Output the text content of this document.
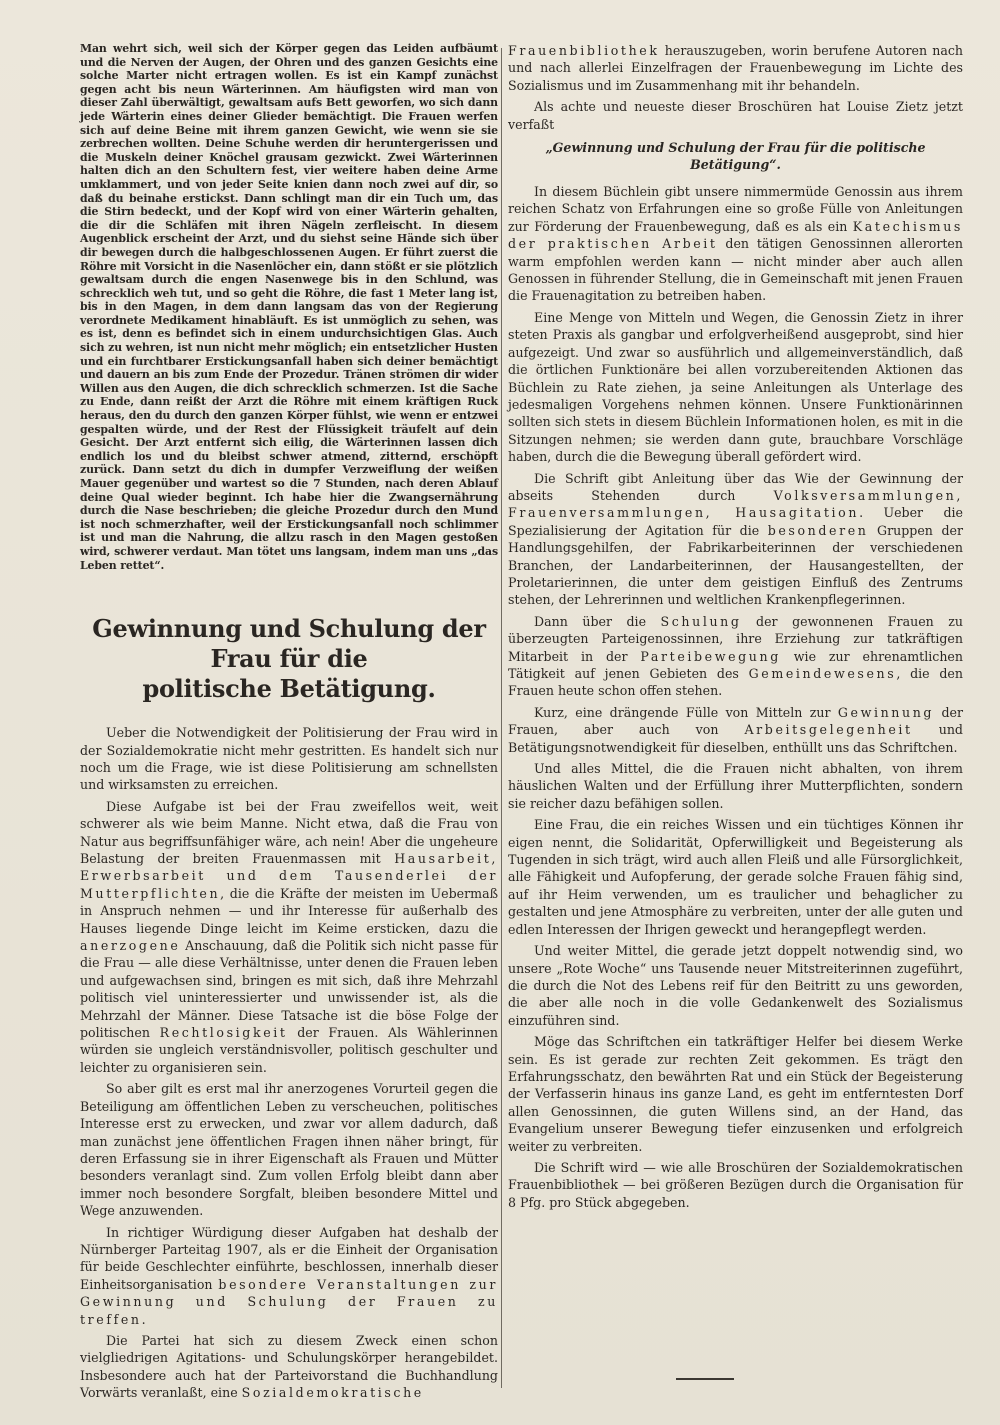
Man wehrt sich, weil sich der Körper gegen das Leiden aufbäumt und die Nerven der Augen, der Ohren und des ganzen Gesichts eine solche Marter nicht ertragen wollen. Es ist ein Kampf zunächst gegen acht bis neun Wärterinnen. Am häufigsten wird man von dieser Zahl überwältigt, gewaltsam aufs Bett geworfen, wo sich dann jede Wärterin eines deiner Glieder bemächtigt. Die Frauen werfen sich auf deine Beine mit ihrem ganzen Gewicht, wie wenn sie sie zerbrechen wollten. Deine Schuhe werden dir heruntergerissen und die Muskeln deiner Knöchel grausam gezwickt. Zwei Wärterinnen halten dich an den Schultern fest, vier weitere haben deine Arme umklammert, und von jeder Seite knien dann noch zwei auf dir, so daß du beinahe erstickst. Dann schlingt man dir ein Tuch um, das die Stirn bedeckt, und der Kopf wird von einer Wärterin gehalten, die dir die Schläfen mit ihren Nägeln zerfleischt. In diesem Augenblick erscheint der Arzt, und du siehst seine Hände sich über dir bewegen durch die halbgeschlossenen Augen. Er führt zuerst die Röhre mit Vorsicht in die Nasenlöcher ein, dann stößt er sie plötzlich gewaltsam durch die engen Nasenwege bis in den Schlund, was schrecklich weh tut, und so geht die Röhre, die fast 1 Meter lang ist, bis in den Magen, in dem dann langsam das von der Regierung verordnete Medikament hinabläuft. Es ist unmöglich zu sehen, was es ist, denn es befindet sich in einem undurchsichtigen Glas. Auch sich zu wehren, ist nun nicht mehr möglich; ein entsetzlicher Husten und ein furchtbarer Erstickungsanfall haben sich deiner bemächtigt und dauern an bis zum Ende der Prozedur. Tränen strömen dir wider Willen aus den Augen, die dich schrecklich schmerzen. Ist die Sache zu Ende, dann reißt der Arzt die Röhre mit einem kräftigen Ruck heraus, den du durch den ganzen Körper fühlst, wie wenn er entzwei gespalten würde, und der Rest der Flüssigkeit träufelt auf dein Gesicht. Der Arzt entfernt sich eilig, die Wärterinnen lassen dich endlich los und du bleibst schwer atmend, zitternd, erschöpft zurück. Dann setzt du dich in dumpfer Verzweiflung der weißen Mauer gegenüber und wartest so die 7 Stunden, nach deren Ablauf deine Qual wieder beginnt. Ich habe hier die Zwangsernährung durch die Nase beschrieben; die gleiche Prozedur durch den Mund ist noch schmerzhafter, weil der Erstickungsanfall noch schlimmer ist und man die Nahrung, die allzu rasch in den Magen gestoßen wird, schwerer verdaut. Man tötet uns langsam, indem man uns „das Leben rettet“.

Gewinnung und Schulung der Frau für die
politische Betätigung.

Ueber die Notwendigkeit der Politisierung der Frau wird in der Sozialdemokratie nicht mehr gestritten. Es handelt sich nur noch um die Frage, wie ist diese Politisierung am schnellsten und wirksamsten zu erreichen.

Diese Aufgabe ist bei der Frau zweifellos weit, weit schwerer als wie beim Manne. Nicht etwa, daß die Frau von Natur aus begriffsunfähiger wäre, ach nein! Aber die ungeheure Belastung der breiten Frauenmassen mit Hausarbeit, Erwerbsarbeit und dem Tausenderlei der Mutterpflichten, die die Kräfte der meisten im Uebermaß in Anspruch nehmen — und ihr Interesse für außerhalb des Hauses liegende Dinge leicht im Keime ersticken, dazu die anerzogene Anschauung, daß die Politik sich nicht passe für die Frau — alle diese Verhältnisse, unter denen die Frauen leben und aufgewachsen sind, bringen es mit sich, daß ihre Mehrzahl politisch viel uninteressierter und unwissender ist, als die Mehrzahl der Männer. Diese Tatsache ist die böse Folge der politischen Rechtlosigkeit der Frauen. Als Wählerinnen würden sie ungleich verständnisvoller, politisch geschulter und leichter zu organisieren sein.

So aber gilt es erst mal ihr anerzogenes Vorurteil gegen die Beteiligung am öffentlichen Leben zu verscheuchen, politisches Interesse erst zu erwecken, und zwar vor allem dadurch, daß man zunächst jene öffentlichen Fragen ihnen näher bringt, für deren Erfassung sie in ihrer Eigenschaft als Frauen und Mütter besonders veranlagt sind. Zum vollen Erfolg bleibt dann aber immer noch besondere Sorgfalt, bleiben besondere Mittel und Wege anzuwenden.

In richtiger Würdigung dieser Aufgaben hat deshalb der Nürnberger Parteitag 1907, als er die Einheit der Organisation für beide Geschlechter einführte, beschlossen, innerhalb dieser Einheitsorganisation besondere Veranstaltungen zur Gewinnung und Schulung der Frauen zu treffen.

Die Partei hat sich zu diesem Zweck einen schon vielgliedrigen Agitations- und Schulungskörper herangebildet. Insbesondere auch hat der Parteivorstand die Buchhandlung Vorwärts veranlaßt, eine Sozialdemokratische

Frauenbibliothek herauszugeben, worin berufene Autoren nach und nach allerlei Einzelfragen der Frauenbewegung im Lichte des Sozialismus und im Zusammenhang mit ihr behandeln.

Als achte und neueste dieser Broschüren hat Louise Zietz jetzt verfaßt

„Gewinnung und Schulung der Frau für die politische Betätigung“.

In diesem Büchlein gibt unsere nimmermüde Genossin aus ihrem reichen Schatz von Erfahrungen eine so große Fülle von Anleitungen zur Förderung der Frauenbewegung, daß es als ein Katechismus der praktischen Arbeit den tätigen Genossinnen allerorten warm empfohlen werden kann — nicht minder aber auch allen Genossen in führender Stellung, die in Gemeinschaft mit jenen Frauen die Frauenagitation zu betreiben haben.

Eine Menge von Mitteln und Wegen, die Genossin Zietz in ihrer steten Praxis als gangbar und erfolgverheißend ausgeprobt, sind hier aufgezeigt. Und zwar so ausführlich und allgemeinverständlich, daß die örtlichen Funktionäre bei allen vorzubereitenden Aktionen das Büchlein zu Rate ziehen, ja seine Anleitungen als Unterlage des jedesmaligen Vorgehens nehmen können. Unsere Funktionärinnen sollten sich stets in diesem Büchlein Informationen holen, es mit in die Sitzungen nehmen; sie werden dann gute, brauchbare Vorschläge haben, durch die die Bewegung überall gefördert wird.

Die Schrift gibt Anleitung über das Wie der Gewinnung der abseits Stehenden durch Volksversammlungen, Frauenversammlungen, Hausagitation. Ueber die Spezialisierung der Agitation für die besonderen Gruppen der Handlungsgehilfen, der Fabrikarbeiterinnen der verschiedenen Branchen, der Landarbeiterinnen, der Hausangestellten, der Proletarierinnen, die unter dem geistigen Einfluß des Zentrums stehen, der Lehrerinnen und weltlichen Krankenpflegerinnen.

Dann über die Schulung der gewonnenen Frauen zu überzeugten Parteigenossinnen, ihre Erziehung zur tatkräftigen Mitarbeit in der Parteibewegung wie zur ehrenamtlichen Tätigkeit auf jenen Gebieten des Gemeindewesens, die den Frauen heute schon offen stehen.

Kurz, eine drängende Fülle von Mitteln zur Gewinnung der Frauen, aber auch von Arbeitsgelegenheit und Betätigungsnotwendigkeit für dieselben, enthüllt uns das Schriftchen.

Und alles Mittel, die die Frauen nicht abhalten, von ihrem häuslichen Walten und der Erfüllung ihrer Mutterpflichten, sondern sie reicher dazu befähigen sollen.

Eine Frau, die ein reiches Wissen und ein tüchtiges Können ihr eigen nennt, die Solidarität, Opferwilligkeit und Begeisterung als Tugenden in sich trägt, wird auch allen Fleiß und alle Fürsorglichkeit, alle Fähigkeit und Aufopferung, der gerade solche Frauen fähig sind, auf ihr Heim verwenden, um es traulicher und behaglicher zu gestalten und jene Atmosphäre zu verbreiten, unter der alle guten und edlen Interessen der Ihrigen geweckt und herangepflegt werden.

Und weiter Mittel, die gerade jetzt doppelt notwendig sind, wo unsere „Rote Woche“ uns Tausende neuer Mitstreiterinnen zugeführt, die durch die Not des Lebens reif für den Beitritt zu uns geworden, die aber alle noch in die volle Gedankenwelt des Sozialismus einzuführen sind.

Möge das Schriftchen ein tatkräftiger Helfer bei diesem Werke sein. Es ist gerade zur rechten Zeit gekommen. Es trägt den Erfahrungsschatz, den bewährten Rat und ein Stück der Begeisterung der Verfasserin hinaus ins ganze Land, es geht im entferntesten Dorf allen Genossinnen, die guten Willens sind, an der Hand, das Evangelium unserer Bewegung tiefer einzusenken und erfolgreich weiter zu verbreiten.

Die Schrift wird — wie alle Broschüren der Sozialdemokratischen Frauenbibliothek — bei größeren Bezügen durch die Organisation für 8 Pfg. pro Stück abgegeben.
